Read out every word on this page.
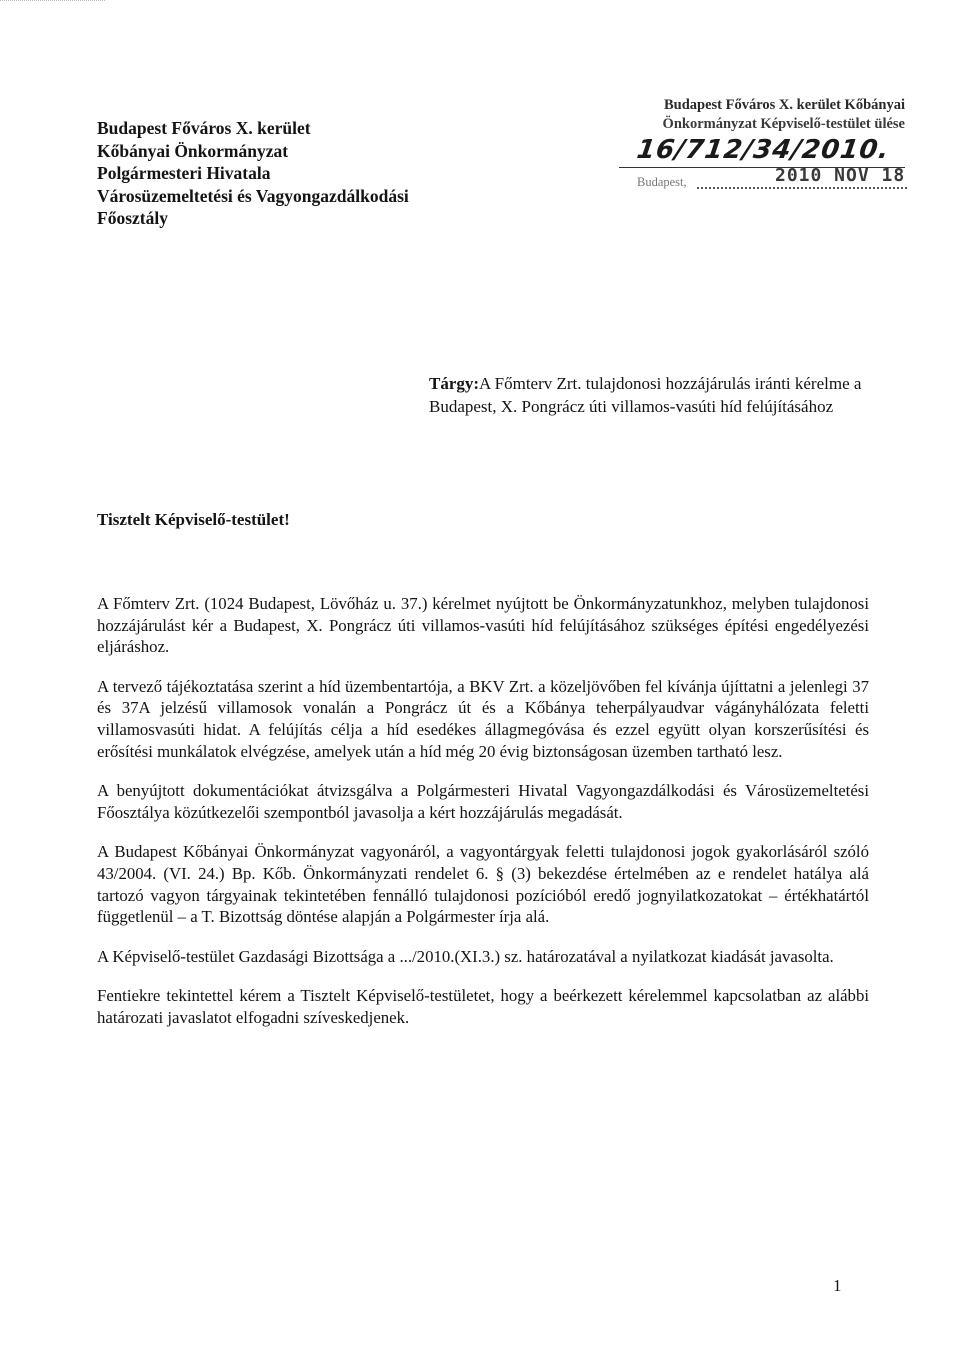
Budapest Főváros X. kerület
Kőbányai Önkormányzat
Polgármesteri Hivatala
Városüzemeltetési és Vagyongazdálkodási
Főosztály
Budapest Főváros X. kerület Kőbányai
Önkormányzat Képviselő-testület ülése
16/712/34/2010.
Budapest,	2010 NOV 18
Tárgy:A Főmterv Zrt. tulajdonosi hozzájárulás iránti kérelme a Budapest, X. Pongrácz úti villamos-vasúti híd felújításához
Tisztelt Képviselő-testület!

A Főmterv Zrt. (1024 Budapest, Lövőház u. 37.) kérelmet nyújtott be Önkormányzatunkhoz, melyben tulajdonosi hozzájárulást kér a Budapest, X. Pongrácz úti villamos-vasúti híd felújításához szükséges építési engedélyezési eljáráshoz.

A tervező tájékoztatása szerint a híd üzembentartója, a BKV Zrt. a közeljövőben fel kívánja újíttatni a jelenlegi 37 és 37A jelzésű villamosok vonalán a Pongrácz út és a Kőbánya teherpályaudvar vágányhálózata feletti villamosvasúti hidat. A felújítás célja a híd esedékes állagmegóvása és ezzel együtt olyan korszerűsítési és erősítési munkálatok elvégzése, amelyek után a híd még 20 évig biztonságosan üzemben tartható lesz.

A benyújtott dokumentációkat átvizsgálva a Polgármesteri Hivatal Vagyongazdálkodási és Városüzemeltetési Főosztálya közútkezelői szempontból javasolja a kért hozzájárulás megadását.

A Budapest Kőbányai Önkormányzat vagyonáról, a vagyontárgyak feletti tulajdonosi jogok gyakorlásáról szóló 43/2004. (VI. 24.) Bp. Kőb. Önkormányzati rendelet 6. § (3) bekezdése értelmében az e rendelet hatálya alá tartozó vagyon tárgyainak tekintetében fennálló tulajdonosi pozícióból eredő jognyilatkozatokat – értékhatártól függetlenül – a T. Bizottság döntése alapján a Polgármester írja alá.

A Képviselő-testület Gazdasági Bizottsága a .../2010.(XI.3.) sz. határozatával a nyilatkozat kiadását javasolta.

Fentiekre tekintettel kérem a Tisztelt Képviselő-testületet, hogy a beérkezett kérelemmel kapcsolatban az alábbi határozati javaslatot elfogadni szíveskedjenek.

1
